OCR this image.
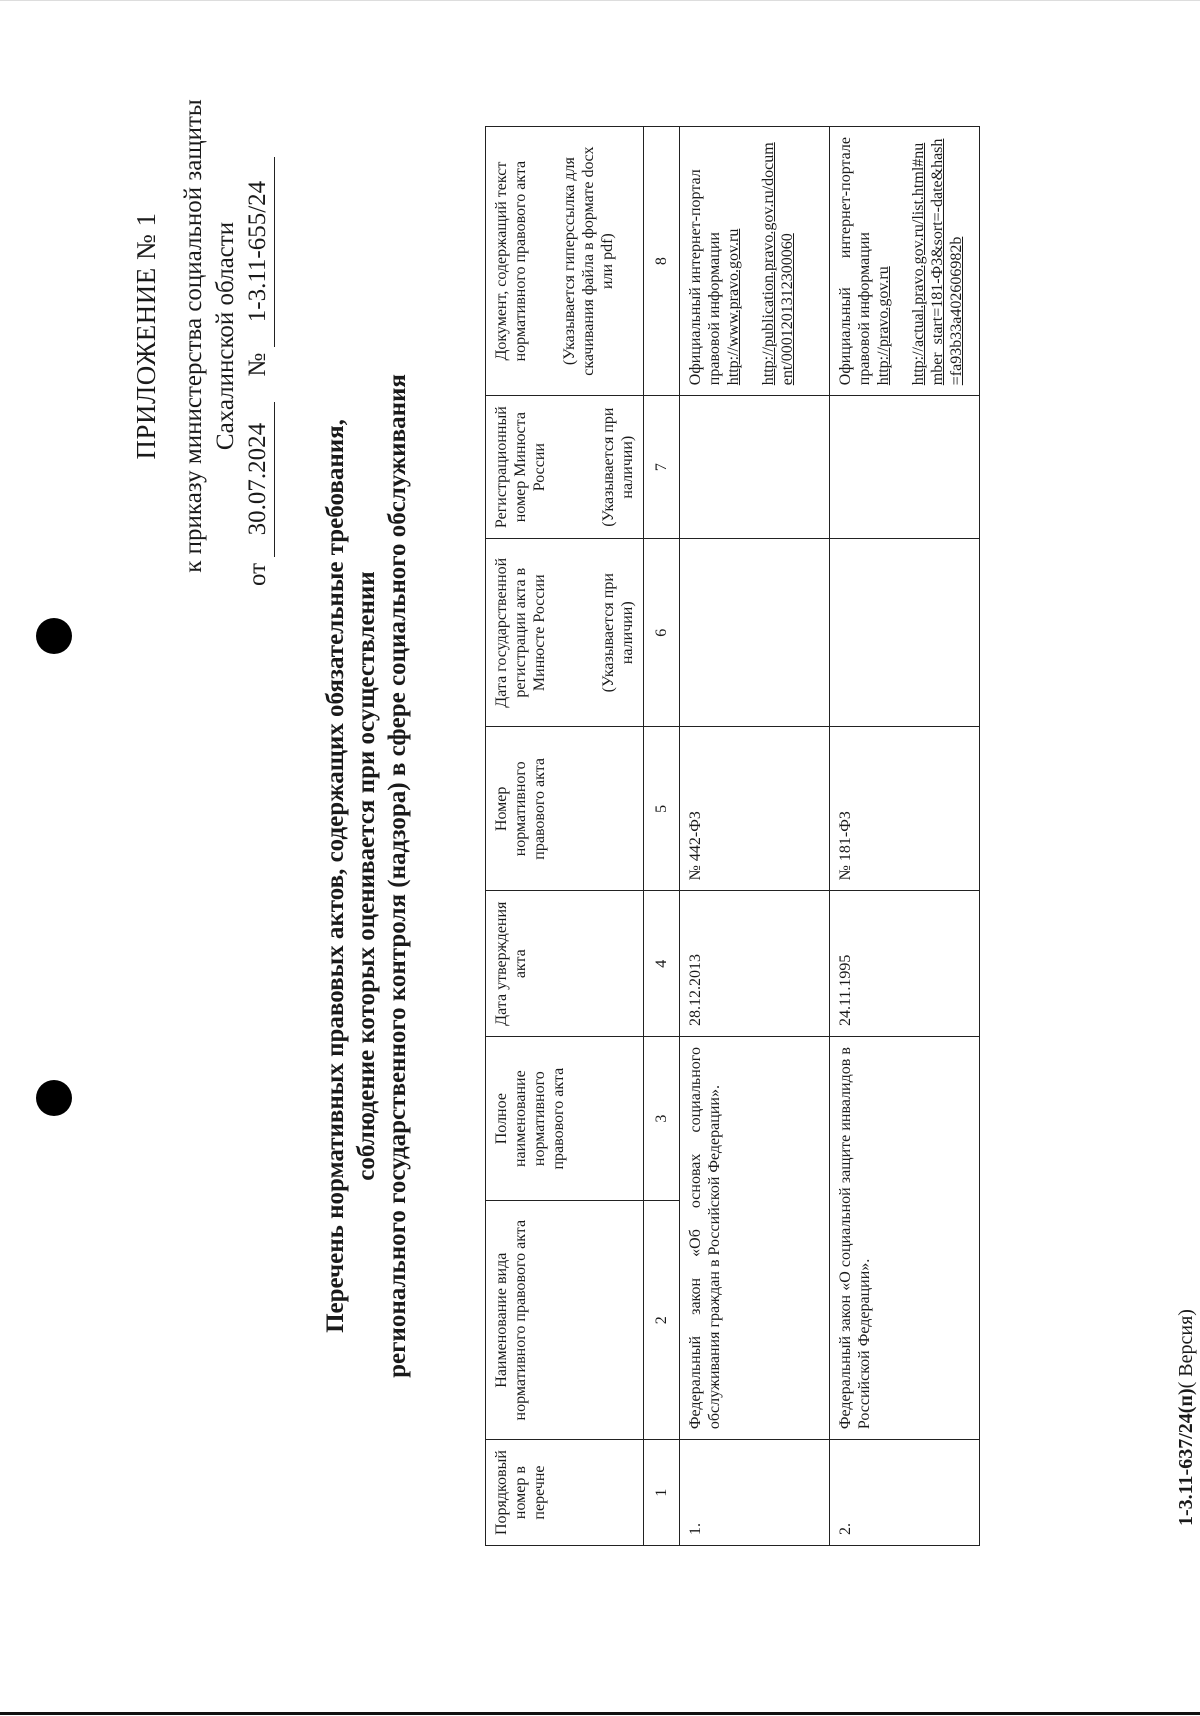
ПРИЛОЖЕНИЕ № 1 к приказу министерства социальной защиты Сахалинской области
от 30.07.2024    № 1-3.11-655/24
Перечень нормативных правовых актов, содержащих обязательные требования, соблюдение которых оценивается при осуществлении регионального государственного контроля (надзора) в сфере социального обслуживания
Порядковый номер в перечне	Наименование вида нормативного правового акта	Полное наименование нормативного правового акта	Дата утверждения акта	Номер нормативного правового акта	Дата государственной регистрации акта в Минюсте России (Указывается при наличии)	Регистрационный номер Минюста России (Указывается при наличии)	Документ, содержащий текст нормативного правового акта (Указывается гиперссылка для скачивания файла в формате docx или pdf)

1	2	3	4	5	6	7	8
1.	Федеральный закон «Об основах социального обслуживания граждан в Российской Федерации».		28.12.2013	№ 442-ФЗ			Официальный интернет-портал правовой информации http://www.pravo.gov.ru http://publication.pravo.gov.ru/document/0001201312300060

2.	Федеральный закон «О социальной защите инвалидов в Российской Федерации».		24.11.1995	№ 181-ФЗ			Официальный интернет-портале правовой информации http://pravo.gov.ru http://actual.pravo.gov.ru/list.html#number_start=181-Ф3&sort=-date&hash=fa93b33a402606982b
1-3.11-637/24(п)( Версия)
